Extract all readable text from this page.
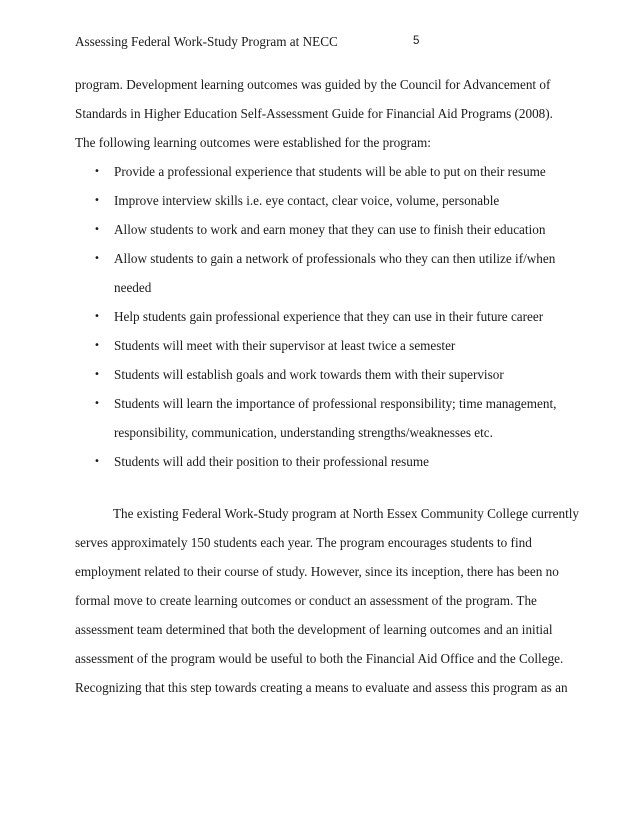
Assessing Federal Work-Study Program at NECC	5

program. Development learning outcomes was guided by the Council for Advancement of
Standards in Higher Education Self-Assessment Guide for Financial Aid Programs (2008).
The following learning outcomes were established for the program:

• Provide a professional experience that students will be able to put on their resume
• Improve interview skills i.e. eye contact, clear voice, volume, personable
• Allow students to work and earn money that they can use to finish their education
• Allow students to gain a network of professionals who they can then utilize if/when
needed
• Help students gain professional experience that they can use in their future career
• Students will meet with their supervisor at least twice a semester
• Students will establish goals and work towards them with their supervisor
• Students will learn the importance of professional responsibility; time management,
responsibility, communication, understanding strengths/weaknesses etc.
• Students will add their position to their professional resume

The existing Federal Work-Study program at North Essex Community College currently
serves approximately 150 students each year. The program encourages students to find
employment related to their course of study. However, since its inception, there has been no
formal move to create learning outcomes or conduct an assessment of the program. The
assessment team determined that both the development of learning outcomes and an initial
assessment of the program would be useful to both the Financial Aid Office and the College.
Recognizing that this step towards creating a means to evaluate and assess this program as an
